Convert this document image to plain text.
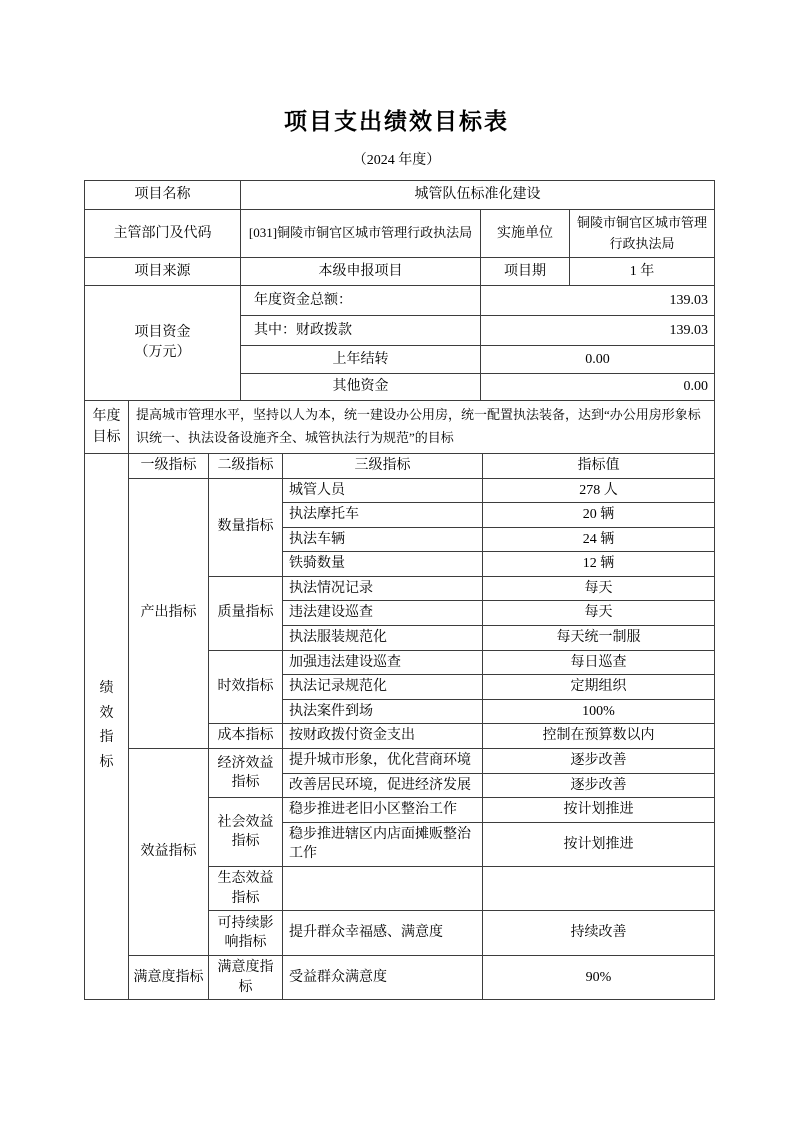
项目支出绩效目标表
（2024 年度）
项目名称	城管队伍标准化建设		
主管部门及代码	[031]铜陵市铜官区城市管理行政执法局	实施单位	铜陵市铜官区城市管理行政执法局
项目来源	本级申报项目	项目期	1 年

项目资金
（万元）	年度资金总额：	139.03	
	其中：财政拨款	139.03	
	上年结转	0.00	
	其他资金	0.00	
年度目标
	提高城市管理水平，坚持以人为本，统一建设办公用房，统一配置执法装备，达到“办公用房形象标识统一、执法设备设施齐全、城管执法行为规范”的目标
绩效指标	一级指标	二级指标	三级指标	指标值
	产出指标	数量指标	城管人员	278 人
			执法摩托车	20 辆
			执法车辆	24 辆
			铁骑数量	12 辆
		质量指标	执法情况记录	每天
			违法建设巡查	每天
			执法服装规范化	每天统一制服
		时效指标	加强违法建设巡查	每日巡查
			执法记录规范化	定期组织
			执法案件到场	100%
		成本指标	按财政拨付资金支出	控制在预算数以内
	效益指标	经济效益指标	提升城市形象，优化营商环境	逐步改善
			改善居民环境，促进经济发展	逐步改善
		社会效益指标	稳步推进老旧小区整治工作	按计划推进
			稳步推进辖区内店面摊贩整治工作	按计划推进
		生态效益指标		
		可持续影响指标	提升群众幸福感、满意度	持续改善
	满意度指标	满意度指标	受益群众满意度	90%
